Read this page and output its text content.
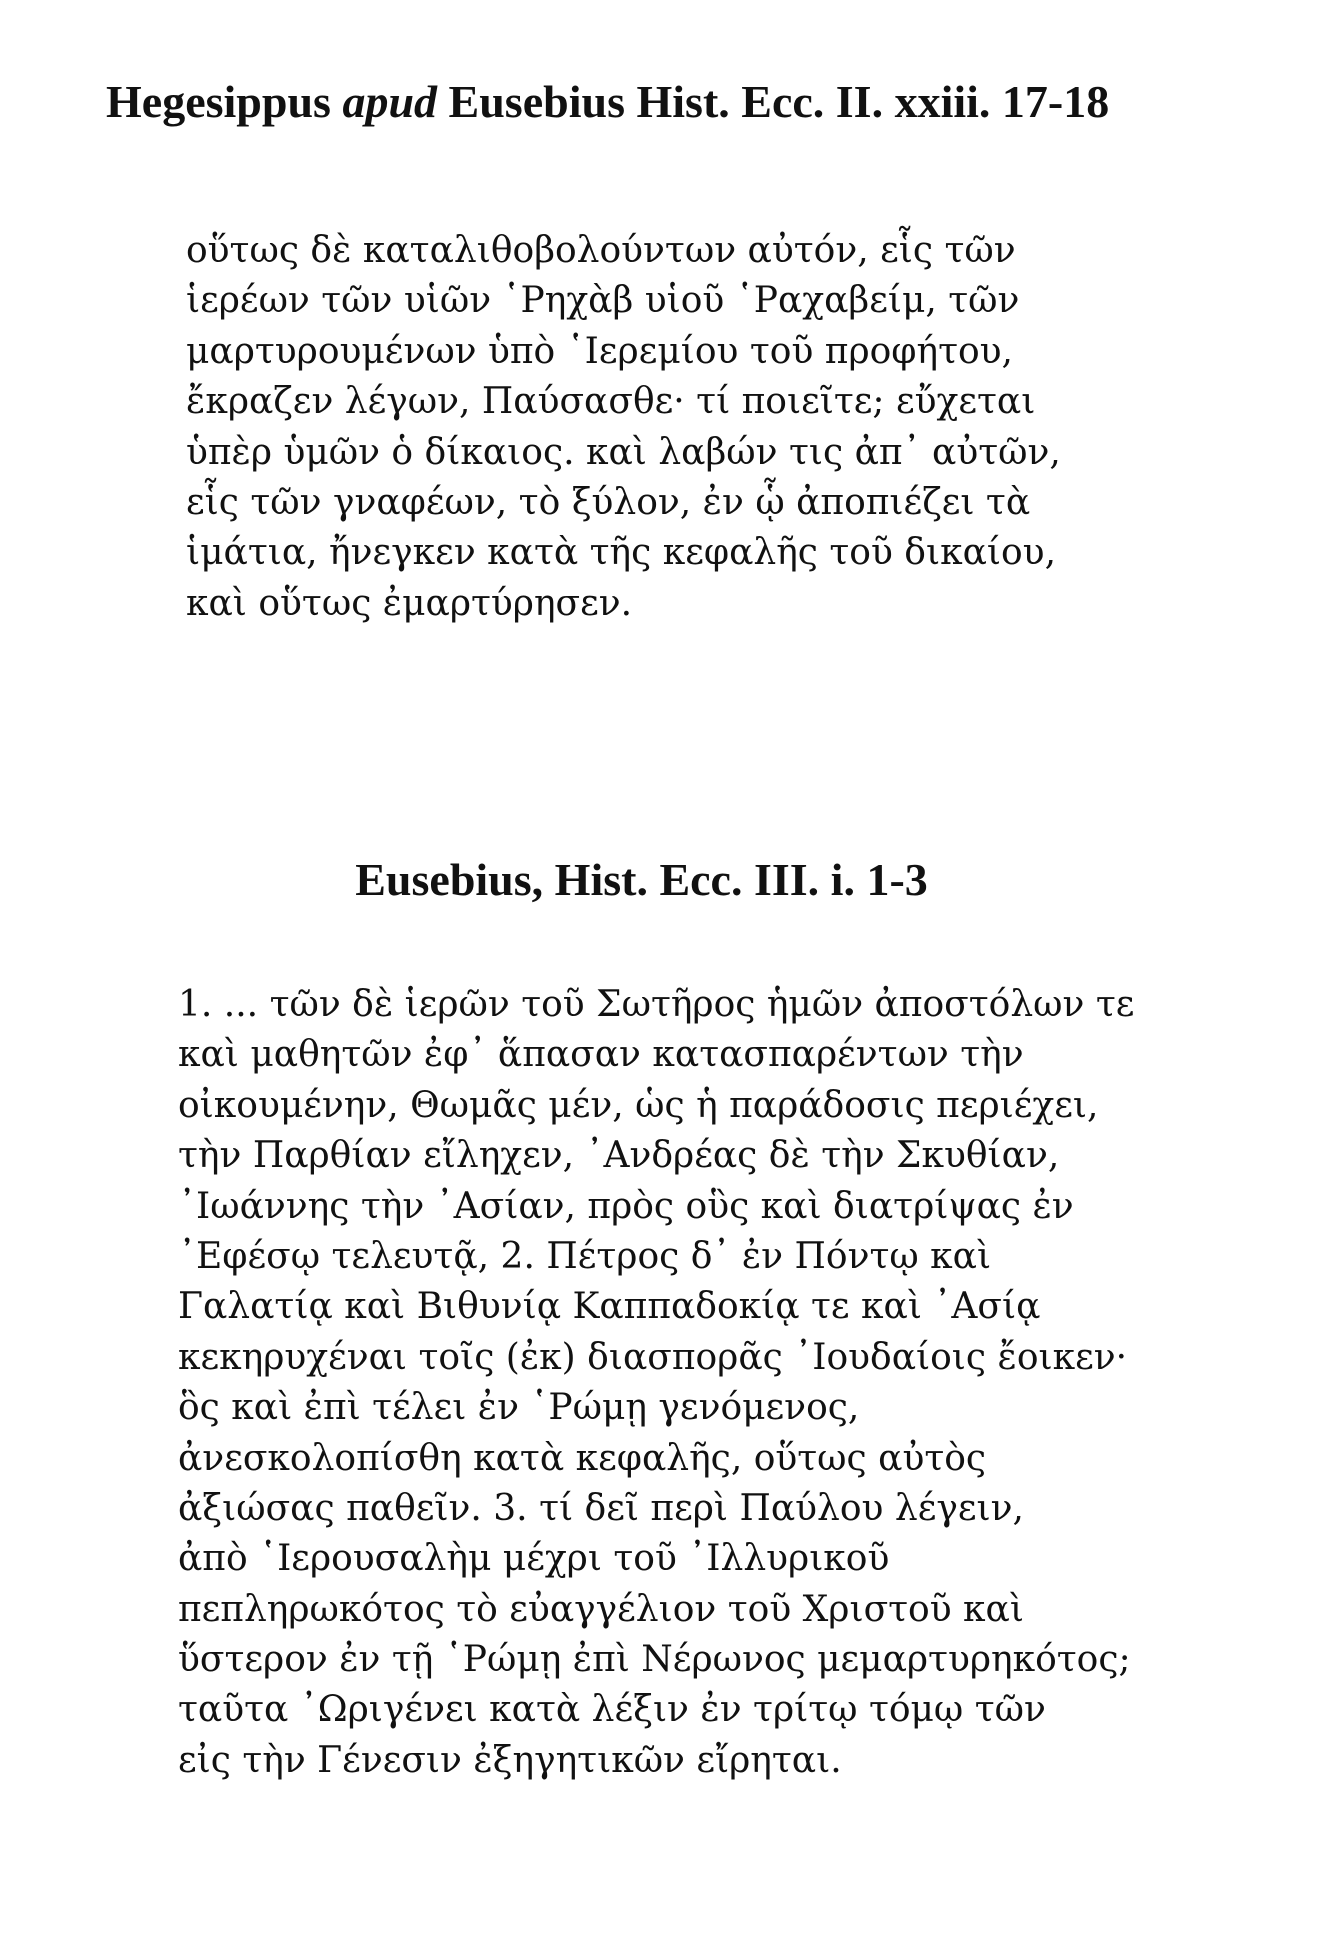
Hegesippus apud Eusebius Hist. Ecc. II. xxiii. 17-18
οὕτως δὲ καταλιθοβολούντων αὐτόν, εἷς τῶν
ἱερέων τῶν υἱῶν ῾Ρηχὰβ υἱοῦ ῾Ραχαβείμ, τῶν
μαρτυρουμένων ὑπὸ ῾Ιερεμίου τοῦ προφήτου,
ἔκραζεν λέγων, Παύσασθε· τί ποιεῖτε; εὔχεται
ὑπὲρ ὑμῶν ὁ δίκαιος. καὶ λαβών τις ἀπ᾽ αὐτῶν,
εἷς τῶν γναφέων, τὸ ξύλον, ἐν ᾧ ἀποπιέζει τὰ
ἱμάτια, ἤνεγκεν κατὰ τῆς κεφαλῆς τοῦ δικαίου,
καὶ οὕτως ἐμαρτύρησεν.
Eusebius, Hist. Ecc. III. i. 1-3
1. ... τῶν δὲ ἱερῶν τοῦ Σωτῆρος ἡμῶν ἀποστόλων τε
καὶ μαθητῶν ἐφ᾽ ἅπασαν κατασπαρέντων τὴν
οἰκουμένην, Θωμᾶς μέν, ὡς ἡ παράδοσις περιέχει,
τὴν Παρθίαν εἴληχεν, ᾽Ανδρέας δὲ τὴν Σκυθίαν,
᾽Ιωάννης τὴν ᾽Ασίαν, πρὸς οὓς καὶ διατρίψας ἐν
᾽Εφέσῳ τελευτᾷ, 2. Πέτρος δ᾽ ἐν Πόντῳ καὶ
Γαλατίᾳ καὶ Βιθυνίᾳ Καππαδοκίᾳ τε καὶ ᾽Ασίᾳ
κεκηρυχέναι τοῖς (ἐκ) διασπορᾶς ᾽Ιουδαίοις ἔοικεν·
ὃς καὶ ἐπὶ τέλει ἐν ῾Ρώμῃ γενόμενος,
ἀνεσκολοπίσθη κατὰ κεφαλῆς, οὕτως αὐτὸς
ἀξιώσας παθεῖν. 3. τί δεῖ περὶ Παύλου λέγειν,
ἀπὸ ῾Ιερουσαλὴμ μέχρι τοῦ ᾽Ιλλυρικοῦ
πεπληρωκότος τὸ εὐαγγέλιον τοῦ Χριστοῦ καὶ
ὕστερον ἐν τῇ ῾Ρώμῃ ἐπὶ Νέρωνος μεμαρτυρηκότος;
ταῦτα ᾽Ωριγένει κατὰ λέξιν ἐν τρίτῳ τόμῳ τῶν
εἰς τὴν Γένεσιν ἐξηγητικῶν εἴρηται.
